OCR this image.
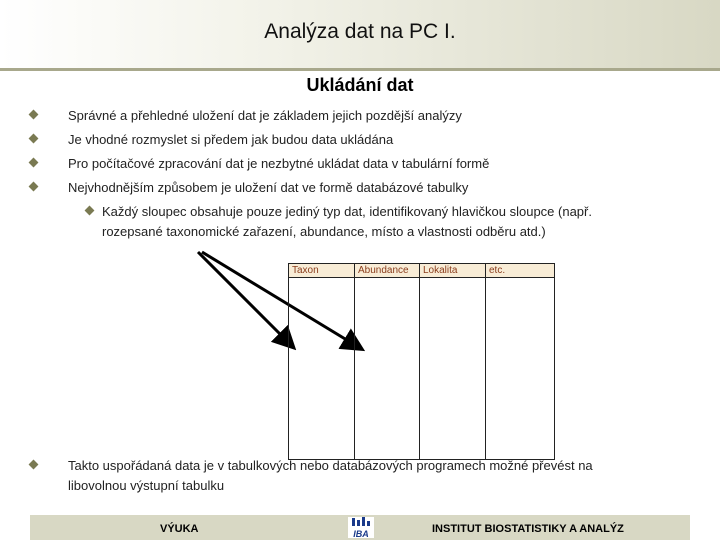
Analýza dat na PC I.
Ukládání dat
Správné a přehledné uložení dat je základem jejich pozdější analýzy
Je vhodné rozmyslet si předem jak budou data ukládána
Pro počítačové zpracování dat je nezbytné ukládat data v tabulární formě
Nejvhodnějším způsobem je uložení dat ve formě databázové tabulky
Každý sloupec obsahuje pouze jediný typ dat, identifikovaný hlavičkou sloupce (např.
rozepsané taxonomické zařazení, abundance, místo a vlastnosti odběru atd.)
Takto uspořádaná data je v tabulkových nebo databázových programech možné převést na
libovolnou výstupní tabulku
Taxon	Abundance	Lokalita	etc.
VÝUKA	IBA	INSTITUT BIOSTATISTIKY A ANALÝZ
